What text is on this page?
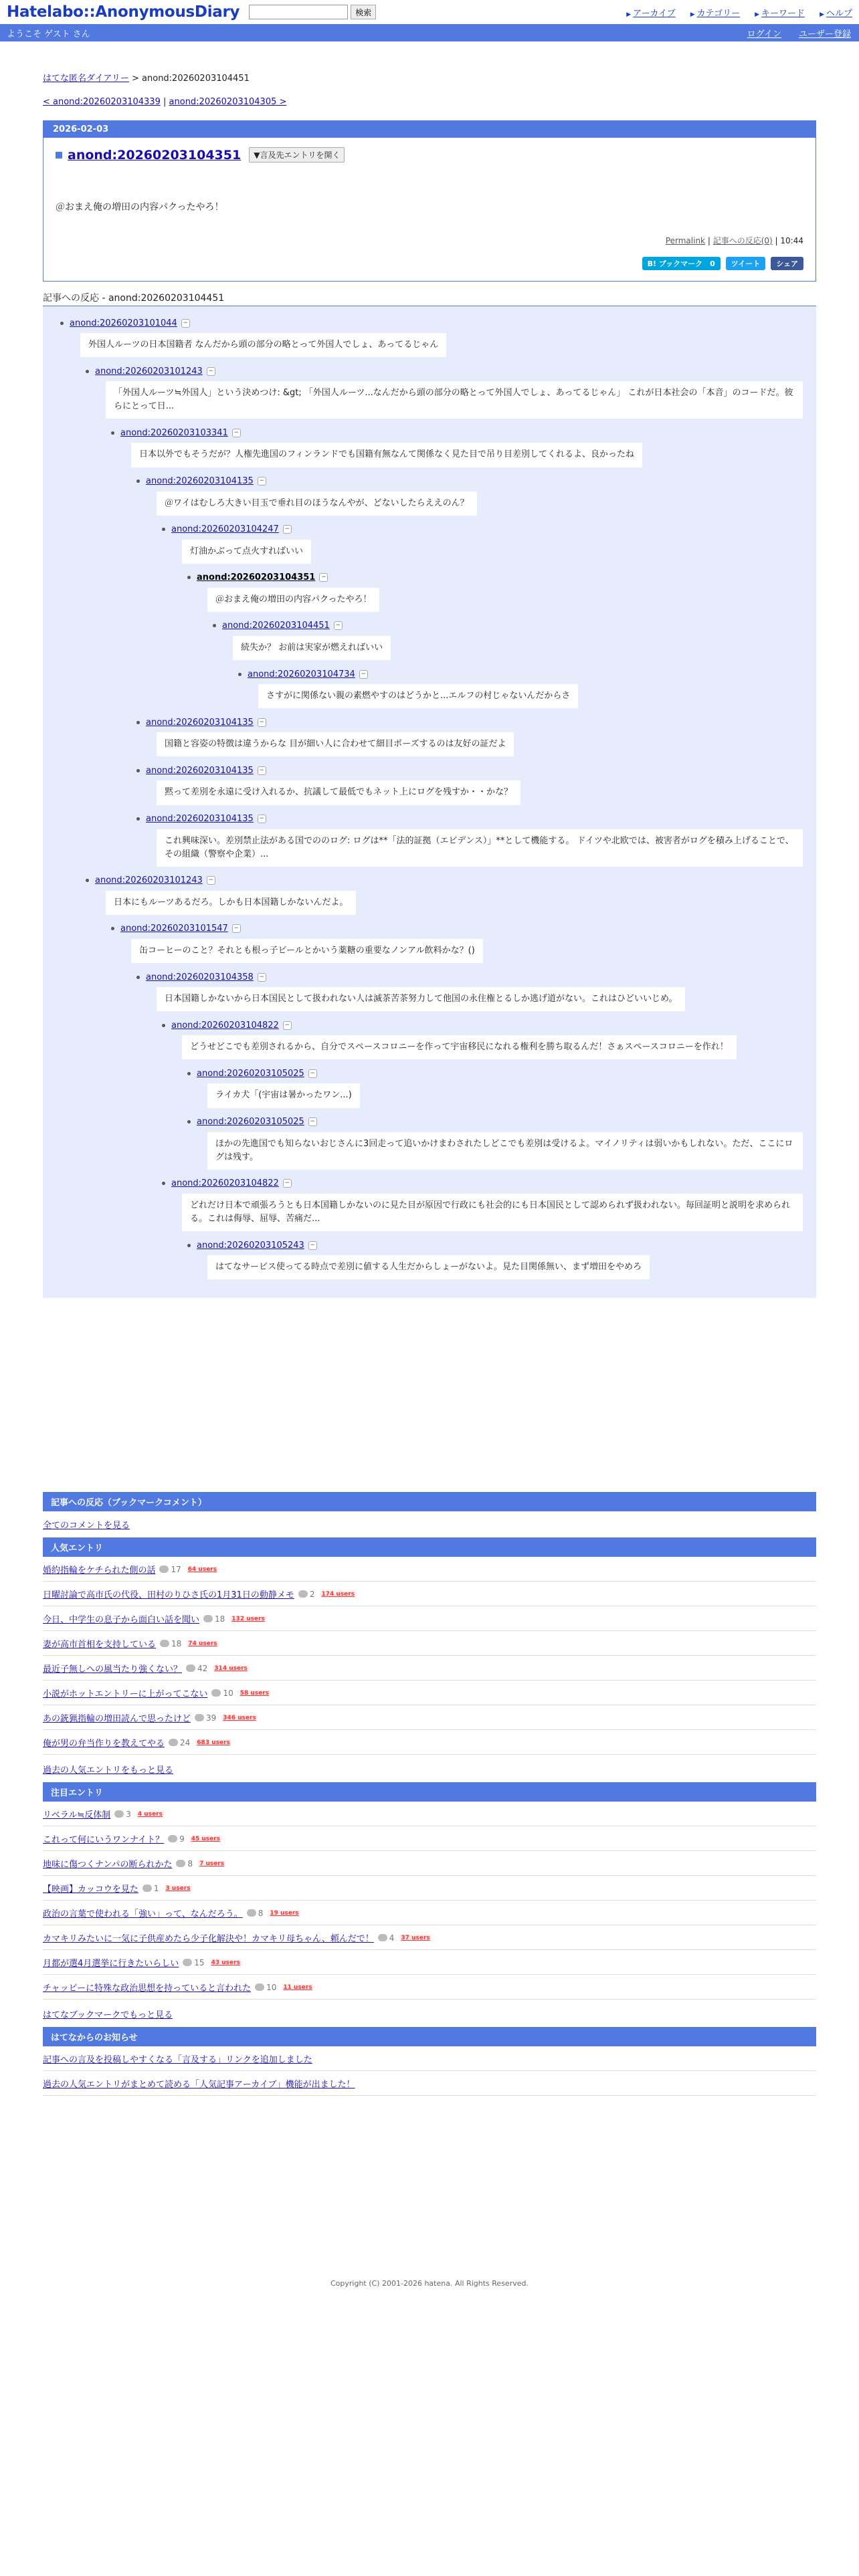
Hatelabo::AnonymousDiary	検索	▶ アーカイブ ▶ カテゴリー ▶ キーワード ▶ ヘルプ
ようこそ ゲスト さん	ログイン ユーザー登録
はてな匿名ダイアリー > anond:20260203104451
< anond:20260203104339 | anond:20260203104305 >
2026-02-03
anond:20260203104351	▼言及先エントリを開く
＠おまえ俺の増田の内容パクったやろ！
Permalink | 記事への反応(0) | 10:44
B! ブックマーク　0	ツイート	シェア
記事への反応 - anond:20260203104451
anond:20260203101044 −
外国人ルーツの日本国籍者 なんだから頭の部分の略とって外国人でしょ、あってるじゃん
anond:20260203101243 −
「外国人ルーツ≒外国人」という決めつけ: &gt; 「外国人ルーツ...なんだから頭の部分の略とって外国人でしょ、あってるじゃん」 これが日本社会の「本音」のコードだ。彼らにとって日...
anond:20260203103341 −
日本以外でもそうだが？人権先進国のフィンランドでも国籍有無なんて関係なく見た目で吊り目差別してくれるよ、良かったね
anond:20260203104135 −
＠ワイはむしろ大きい目玉で垂れ目のほうなんやが、どないしたらええのん？
anond:20260203104247 −
灯油かぶって点火すればいい
anond:20260203104351 −
＠おまえ俺の増田の内容パクったやろ！
anond:20260203104451 −
続失か？ お前は実家が燃えればいい
anond:20260203104734 −
さすがに関係ない親の素燃やすのはどうかと...エルフの村じゃないんだからさ
anond:20260203104135 −
国籍と容姿の特徴は違うからな 目が細い人に合わせて細目ポーズするのは友好の証だよ
anond:20260203104135 −
黙って差別を永遠に受け入れるか、抗議して最低でもネット上にログを残すか・・かな？
anond:20260203104135 −
これ興味深い。差別禁止法がある国でののログ: ログは**「法的証拠（エビデンス）」**として機能する。 ドイツや北欧では、被害者がログを積み上げることで、その組織（警察や企業）...
anond:20260203101243 −
日本にもルーツあるだろ。しかも日本国籍しかないんだよ。
anond:20260203101547 −
缶コーヒーのこと？それとも根っ子ビールとかいう薬糖の重要なノンアル飲料かな？()
anond:20260203104358 −
日本国籍しかないから日本国民として扱われない人は滅茶苦茶努力して他国の永住権とるしか逃げ道がない。これはひどいいじめ。
anond:20260203104822 −
どうせどこでも差別されるから、自分でスペースコロニーを作って宇宙移民になれる権利を勝ち取るんだ！さぁスペースコロニーを作れ！
anond:20260203105025 −
ライカ犬「(宇宙は暑かったワン...)
anond:20260203105025 −
ほかの先進国でも知らないおじさんに3回走って追いかけまわされたしどこでも差別は受けるよ。マイノリティは弱いかもしれない。ただ、ここにログは残す。
anond:20260203104822 −
どれだけ日本で頑張ろうとも日本国籍しかないのに見た目が原因で行政にも社会的にも日本国民として認められず扱われない。毎回証明と説明を求められる。これは侮辱、屈辱、苦痛だ...
anond:20260203105243 −
はてなサービス使ってる時点で差別に値する人生だからしょーがないよ。見た目関係無い、まず増田をやめろ
記事への反応（ブックマークコメント）
全てのコメントを見る
人気エントリ
婚約指輪をケチられた側の話 17 64 users
日曜討論で高市氏の代役、田村のりひさ氏の1月31日の動静メモ 2 174 users
今日、中学生の息子から面白い話を聞い 18 132 users
妻が高市首相を支持している 18 74 users
最近子無しへの風当たり強くない？ 42 314 users
小説がホットエントリーに上がってこない 10 58 users
あの銃猟指輪の増田読んで思ったけど 39 346 users
俺が男の弁当作りを教えてやる 24 683 users
過去の人気エントリをもっと見る
注目エントリ
リベラル≒反体制 3 4 users
これって何にいうワンナイト？ 9 45 users
地味に傷つくナンパの断られかた 8 7 users
【映画】カッコウを見た 1 3 users
政治の言葉で使われる「強い」って、なんだろう。 8 19 users
カマキリみたいに一気に子供産めたら少子化解決や！カマキリ母ちゃん、頼んだで！ 4 37 users
月都が選4月選挙に行きたいらしい 15 43 users
チャッピーに特殊な政治思想を持っていると言われた 10 11 users
はてなブックマークでもっと見る
はてなからのお知らせ
記事への言及を投稿しやすくなる「言及する」リンクを追加しました
過去の人気エントリがまとめて読める「人気記事アーカイブ」機能が出ました！
Copyright (C) 2001-2026 hatena. All Rights Reserved.
